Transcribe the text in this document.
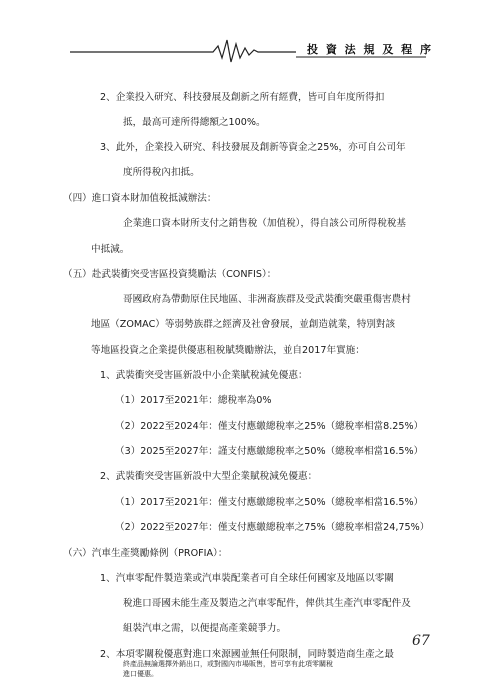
投 資 法 規 及 程 序
2、企業投入研究、科技發展及創新之所有經費，皆可自年度所得扣
抵，最高可達所得總額之100%。
3、此外，企業投入研究、科技發展及創新等資金之25%，亦可自公司年
度所得稅內扣抵。
（四）進口資本財加值稅抵減辦法：
企業進口資本財所支付之銷售稅（加值稅），得自該公司所得稅稅基
中抵減。
（五）赴武裝衝突受害區投資獎勵法（CONFIS）：
哥國政府為帶動原住民地區、非洲裔族群及受武裝衝突嚴重傷害農村
地區（ZOMAC）等弱勢族群之經濟及社會發展，並創造就業，特別對該
等地區投資之企業提供優惠租稅賦獎勵辦法，並自2017年實施：
1、武裝衝突受害區新設中小企業賦稅減免優惠：
（1）2017至2021年：總稅率為0%
（2）2022至2024年：僅支付應繳總稅率之25%（總稅率相當8.25%）
（3）2025至2027年：謹支付應繳總稅率之50%（總稅率相當16.5%）
2、武裝衝突受害區新設中大型企業賦稅減免優惠：
（1）2017至2021年：僅支付應繳總稅率之50%（總稅率相當16.5%）
（2）2022至2027年：僅支付應繳總稅率之75%（總稅率相當24,75%）
（六）汽車生產獎勵條例（PROFIA）：
1、汽車零配件製造業或汽車裝配業者可自全球任何國家及地區以零關
稅進口哥國未能生產及製造之汽車零配件，俾供其生產汽車零配件及
組裝汽車之需，以便提高產業競爭力。
2、本項零關稅優惠對進口來源國並無任何限制，同時製造商生產之最
終產品無論選擇外銷出口，或對國內市場販售，皆可享有此項零關稅
進口優惠。
67
